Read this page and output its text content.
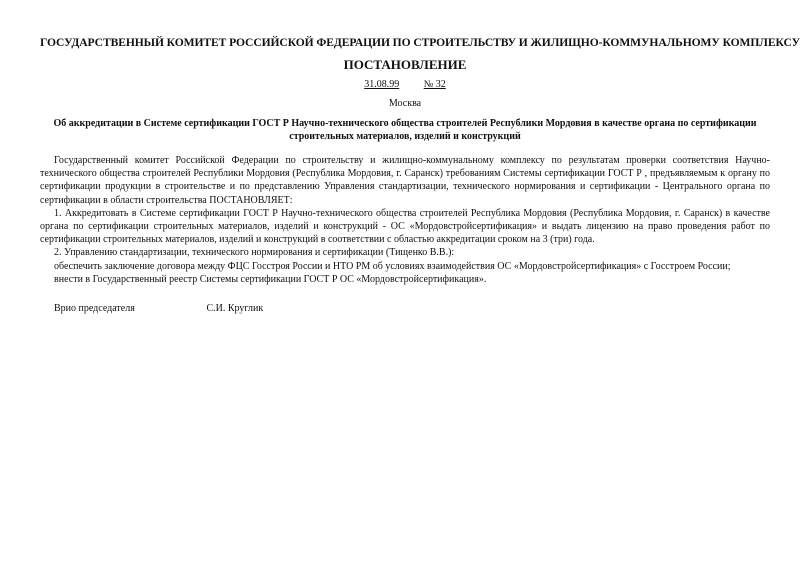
ГОСУДАРСТВЕННЫЙ КОМИТЕТ РОССИЙСКОЙ ФЕДЕРАЦИИ ПО СТРОИТЕЛЬСТВУ И ЖИЛИЩНО-КОММУНАЛЬНОМУ КОМПЛЕКСУ
ПОСТАНОВЛЕНИЕ
31.08.99 № 32
Москва
Об аккредитации в Системе сертификации ГОСТ Р Научно-технического общества строителей Республики Мордовия в качестве органа по сертификации строительных материалов, изделий и конструкций

Государственный комитет Российской Федерации по строительству и жилищно-коммунальному комплексу по результатам проверки соответствия Научно-технического общества строителей Республики Мордовия (Республика Мордовия, г. Саранск) требованиям Системы сертификации ГОСТ Р , предъявляемым к органу по сертификации продукции в строительстве и по представлению Управления стандартизации, технического нормирования и сертификации - Центрального органа по сертификации в области строительства ПОСТАНОВЛЯЕТ:

1. Аккредитовать в Системе сертификации ГОСТ Р Научно-технического общества строителей Республика Мордовия (Республика Мордовия, г. Саранск) в качестве органа по сертификации строительных материалов, изделий и конструкций - ОС «Мордовстройсертификация» и выдать лицензию на право проведения работ по сертификации строительных материалов, изделий и конструкций в соответствии с областью аккредитации сроком на 3 (три) года.

2. Управлению стандартизации, технического нормирования и сертификации (Тищенко В.В.):

обеспечить заключение договора между ФЦС Госстроя России и НТО РМ об условиях взаимодействия ОС «Мордовстройсертификация» с Госстроем России;

внести в Государственный реестр Системы сертификации ГОСТ Р ОС «Мордовстройсертификация».

Врио председателя	С.И. Круглик
